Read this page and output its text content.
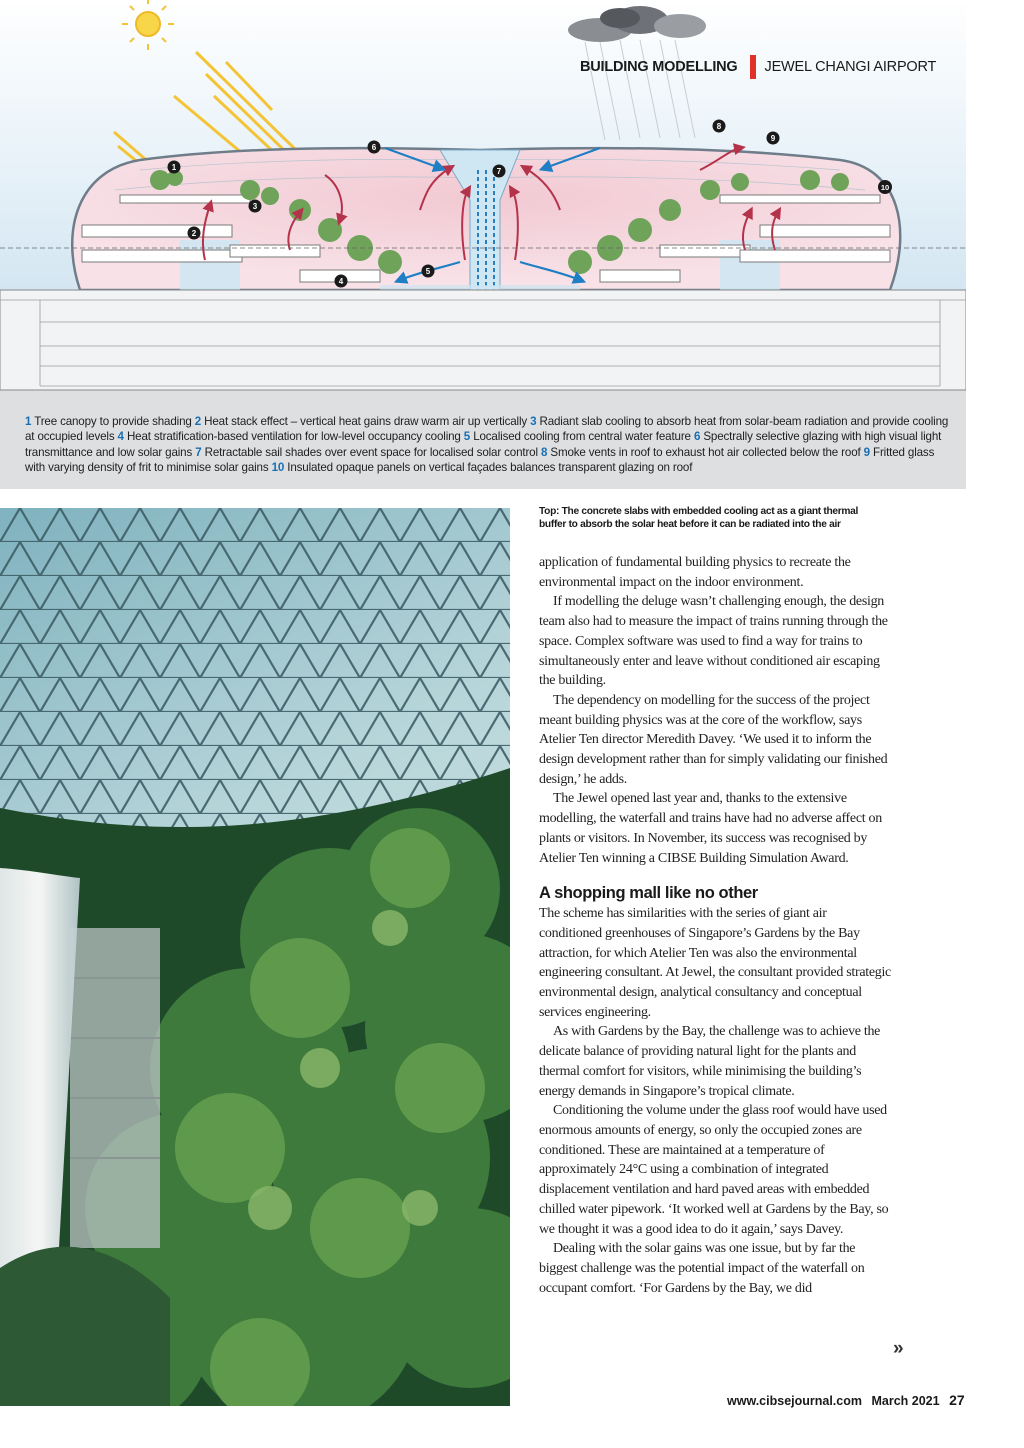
1
2
3
4
5
6
7
8
9
10
BUILDING MODELLING JEWEL CHANGI AIRPORT
1 Tree canopy to provide shading 2 Heat stack effect – vertical heat gains draw warm air up vertically 3 Radiant slab cooling to absorb heat from solar-beam radiation and provide cooling at occupied levels 4 Heat stratification-based ventilation for low-level occupancy cooling 5 Localised cooling from central water feature 6 Spectrally selective glazing with high visual light transmittance and low solar gains 7 Retractable sail shades over event space for localised solar control 8 Smoke vents in roof to exhaust hot air collected below the roof 9 Fritted glass with varying density of frit to minimise solar gains 10 Insulated opaque panels on vertical façades balances transparent glazing on roof
Top: The concrete slabs with embedded cooling act as a giant thermal buffer to absorb the solar heat before it can be radiated into the air

application of fundamental building physics to recreate the environmental impact on the indoor environment.

If modelling the deluge wasn’t challenging enough, the design team also had to measure the impact of trains running through the space. Complex software was used to find a way for trains to simultaneously enter and leave without conditioned air escaping the building.

The dependency on modelling for the success of the project meant building physics was at the core of the workflow, says Atelier Ten director Meredith Davey. ‘We used it to inform the design development rather than for simply validating our finished design,’ he adds.

The Jewel opened last year and, thanks to the extensive modelling, the waterfall and trains have had no adverse affect on plants or visitors. In November, its success was recognised by Atelier Ten winning a CIBSE Building Simulation Award.

A shopping mall like no other

The scheme has similarities with the series of giant air conditioned greenhouses of Singapore’s Gardens by the Bay attraction, for which Atelier Ten was also the environmental engineering consultant. At Jewel, the consultant provided strategic environmental design, analytical consultancy and conceptual services engineering.

As with Gardens by the Bay, the challenge was to achieve the delicate balance of providing natural light for the plants and thermal comfort for visitors, while minimising the building’s energy demands in Singapore’s tropical climate.

Conditioning the volume under the glass roof would have used enormous amounts of energy, so only the occupied zones are conditioned. These are maintained at a temperature of approximately 24°C using a combination of integrated displacement ventilation and hard paved areas with embedded chilled water pipework. ‘It worked well at Gardens by the Bay, so we thought it was a good idea to do it again,’ says Davey.

Dealing with the solar gains was one issue, but by far the biggest challenge was the potential impact of the waterfall on occupant comfort. ‘For Gardens by the Bay, we did

»
www.cibsejournal.com March 2021 27
